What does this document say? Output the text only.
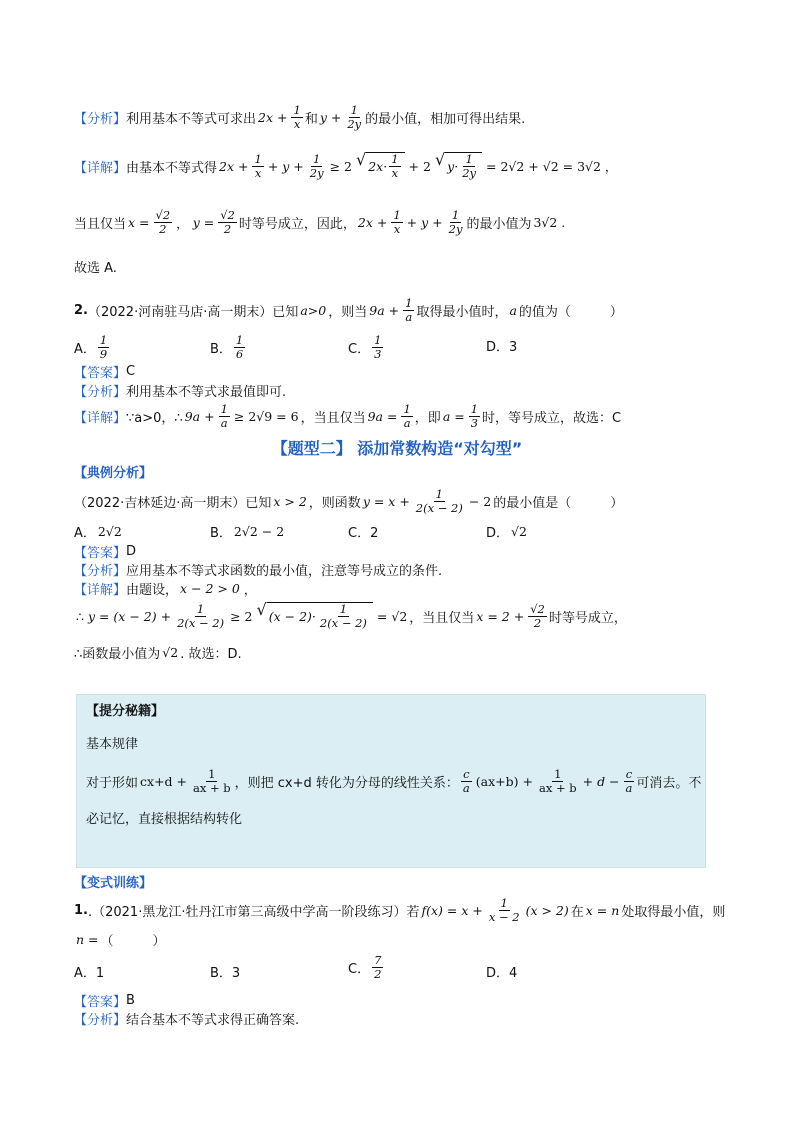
【分析】 利用基本不等式可求出 $2x + \frac{1}{x}$ 和 $y + \frac{1}{2y}$ 的最小值，相加可得出结果.
【详解】 由基本不等式得 $2x + \frac{1}{x} + y + \frac{1}{2y} \ge 2$ √ $2x\cdot \frac{1}{x} + 2$ √ $y\cdot \frac{1}{2y} = 2√2 + √2 = 3√2$ ，
当且仅当 $x = \frac{√2}{2}$ ， $y = \frac{√2}{2}$ 时等号成立，因此， $2x + \frac{1}{x} + y + \frac{1}{2y}$ 的最小值为 3√2 .
故选 A.
2. （2022·河南驻马店·高一期末）已知 a>0 ，则当 $9a + \frac{1}{a}$ 取得最小值时， a 的值为（　　　）
A． $\frac{1}{9}$	B． $\frac{1}{6}$	C． $\frac{1}{3}$	D．3
【答案】 C
【分析】 利用基本不等式求最值即可.
【详解】 ∵a>0，∴ $9a + \frac{1}{a} \ge 2√9 = 6$ ，当且仅当 $9a = \frac{1}{a}$ ，即 $a = \frac{1}{3}$ 时，等号成立，故选：C
【题型二】 添加常数构造“对勾型”
【典例分析】
（2022·吉林延边·高一期末）已知 x > 2 ，则函数 $y = x + \frac{1}{2(x - 2)} - 2$ 的最小值是（　　　）
A． 2√2	B． 2√2 − 2	C．2	D． √2
【答案】 D
【分析】 应用基本不等式求函数的最小值，注意等号成立的条件.
【详解】 由题设， x − 2 > 0 ，
∴ $y = (x - 2) + \frac{1}{2(x - 2)} \ge 2$ √ $(x - 2)\cdot \frac{1}{2(x - 2)} = √2$ ，当且仅当 $x = 2 + \frac{√2}{2}$ 时等号成立，
∴函数最小值为 √2 . 故选：D.
【提分秘籍】
基本规律
对于形如 $cx+d + \frac{1}{ax + b}$ ，则把 cx+d 转化为分母的线性关系： $\frac{c}{a} (ax+b) + \frac{1}{ax + b} + d - \frac{c}{a}$ 可消去。不
必记忆，直接根据结构转化
【变式训练】
1. .（2021·黑龙江·牡丹江市第三高级中学高一阶段练习）若 $f(x) = x + \frac{1}{x - 2} (x > 2)$ 在 x = n 处取得最小值，则
n = （　　　）
A．1	B．3	C． $\frac{7}{2}$	D．4
【答案】 B
【分析】 结合基本不等式求得正确答案.
